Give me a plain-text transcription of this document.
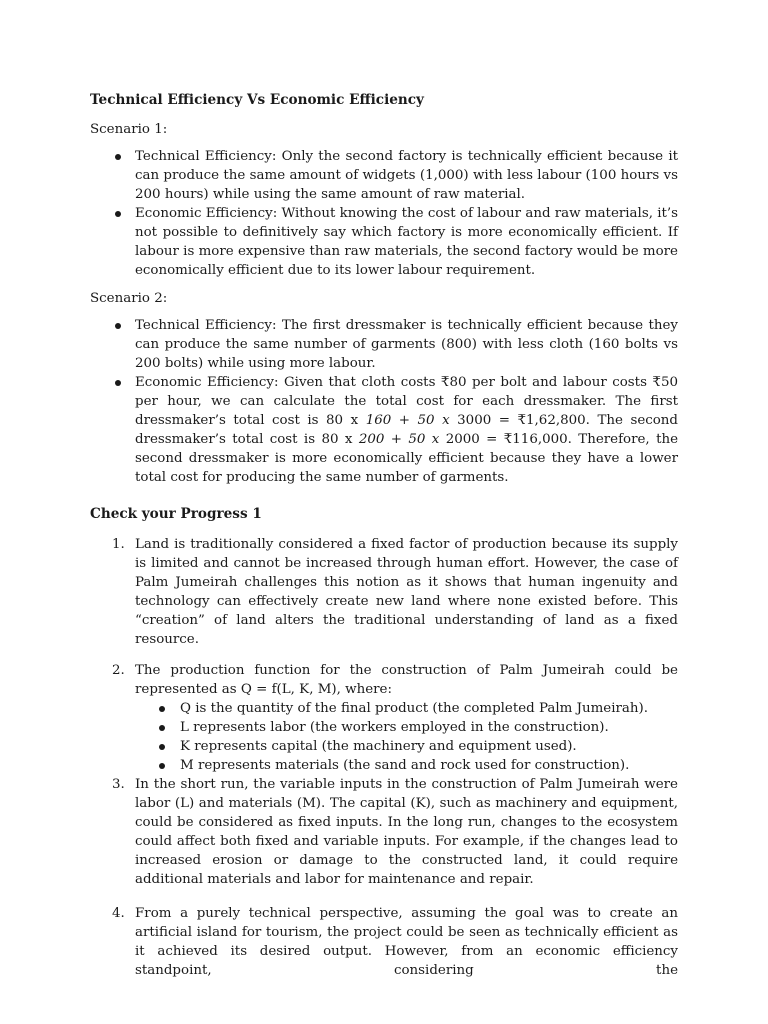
Technical Efficiency Vs Economic Efficiency
Scenario 1:
Technical Efficiency: Only the second factory is technically efficient because it can produce the same amount of widgets (1,000) with less labour (100 hours vs 200 hours) while using the same amount of raw material.
Economic Efficiency: Without knowing the cost of labour and raw materials, it’s not possible to definitively say which factory is more economically efficient. If labour is more expensive than raw materials, the second factory would be more economically efficient due to its lower labour requirement.
Scenario 2:
Technical Efficiency: The first dressmaker is technically efficient because they can produce the same number of garments (800) with less cloth (160 bolts vs 200 bolts) while using more labour.
Economic Efficiency: Given that cloth costs ₹80 per bolt and labour costs ₹50 per hour, we can calculate the total cost for each dressmaker. The first dressmaker’s total cost is 80 x 160 + 50 x 3000 = ₹1,62,800. The second dressmaker’s total cost is 80 x 200 + 50 x 2000 = ₹116,000. Therefore, the second dressmaker is more economically efficient because they have a lower total cost for producing the same number of garments.
Check your Progress 1
1. Land is traditionally considered a fixed factor of production because its supply is limited and cannot be increased through human effort. However, the case of Palm Jumeirah challenges this notion as it shows that human ingenuity and technology can effectively create new land where none existed before. This “creation” of land alters the traditional understanding of land as a fixed resource.
2. The production function for the construction of Palm Jumeirah could be represented as Q = f(L, K, M), where:
Q is the quantity of the final product (the completed Palm Jumeirah).
L represents labor (the workers employed in the construction).
K represents capital (the machinery and equipment used).
M represents materials (the sand and rock used for construction).
3. In the short run, the variable inputs in the construction of Palm Jumeirah were labor (L) and materials (M). The capital (K), such as machinery and equipment, could be considered as fixed inputs. In the long run, changes to the ecosystem could affect both fixed and variable inputs. For example, if the changes lead to increased erosion or damage to the constructed land, it could require additional materials and labor for maintenance and repair.
4. From a purely technical perspective, assuming the goal was to create an artificial island for tourism, the project could be seen as technically efficient as it achieved its desired output. However, from an economic efficiency standpoint, considering the
